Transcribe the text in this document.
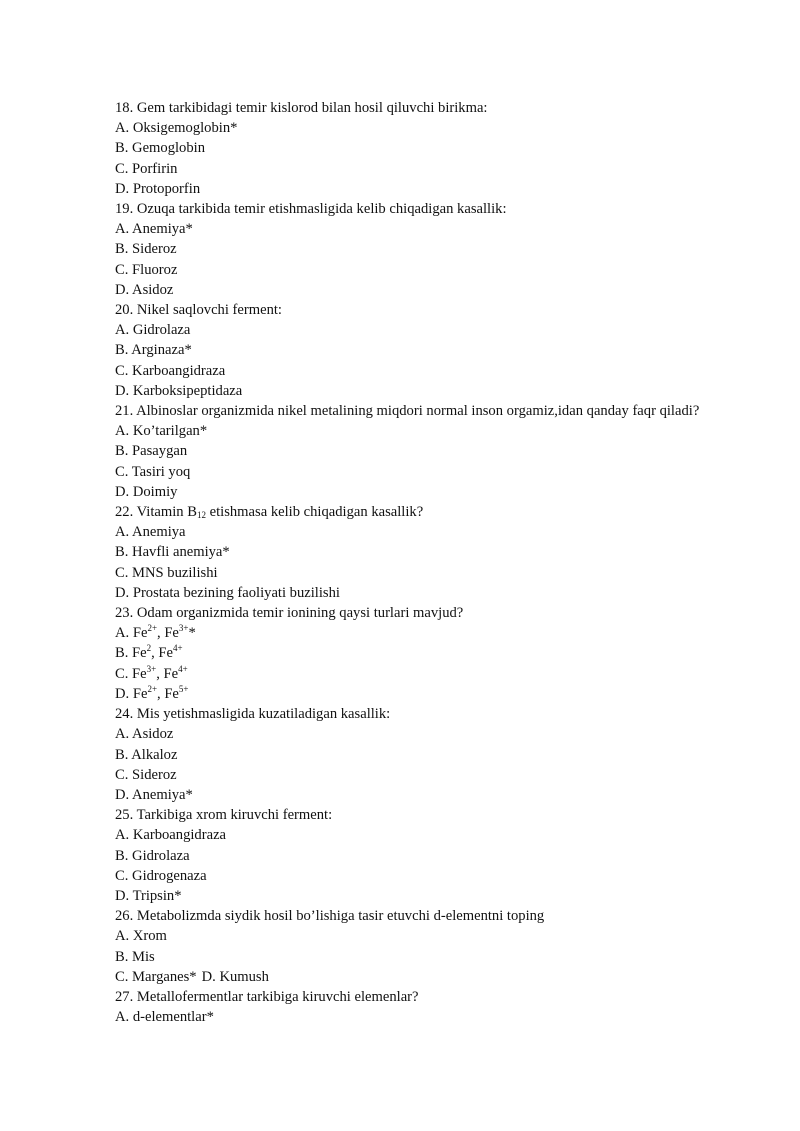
18. Gem tarkibidagi temir kislorod bilan hosil qiluvchi birikma:
A. Oksigemoglobin*
B. Gemoglobin
C. Porfirin
D. Protoporfin
19. Ozuqa tarkibida temir etishmasligida kelib chiqadigan kasallik:
A. Anemiya*
B. Sideroz
C. Fluoroz
D. Asidoz
20. Nikel saqlovchi ferment:
A. Gidrolaza
B. Arginaza*
C. Karboangidraza
D. Karboksipeptidaza
21. Albinoslar organizmida nikel metalining miqdori normal inson orgamiz,idan qanday faqr qiladi?
A. Ko’tarilgan*
B. Pasaygan
C. Tasiri yoq
D. Doimiy
22. Vitamin $B_{12}$ etishmasa kelib chiqadigan kasallik?
A. Anemiya
B. Havfli anemiya*
C. MNS buzilishi
D. Prostata bezining faoliyati buzilishi
23. Odam organizmida temir ionining qaysi turlari mavjud?
A. $Fe^{2+}$, $Fe^{3+}*$
B. Fe$^2$, $Fe^{4+}$
C. $Fe^{3+}$, $Fe^{4+}$
D. $Fe^{2+}$, $Fe^{5+}$
24. Mis yetishmasligida kuzatiladigan kasallik:
A. Asidoz
B. Alkaloz
C. Sideroz
D. Anemiya*
25. Tarkibiga xrom kiruvchi ferment:
A. Karboangidraza
B. Gidrolaza
C. Gidrogenaza
D. Tripsin*
26. Metabolizmda siydik hosil bo’lishiga tasir etuvchi d-elementni toping
A. Xrom
B. Mis
C. Marganes* D. Kumush
27. Metallofermentlar tarkibiga kiruvchi elemenlar?
A. d-elementlar*
